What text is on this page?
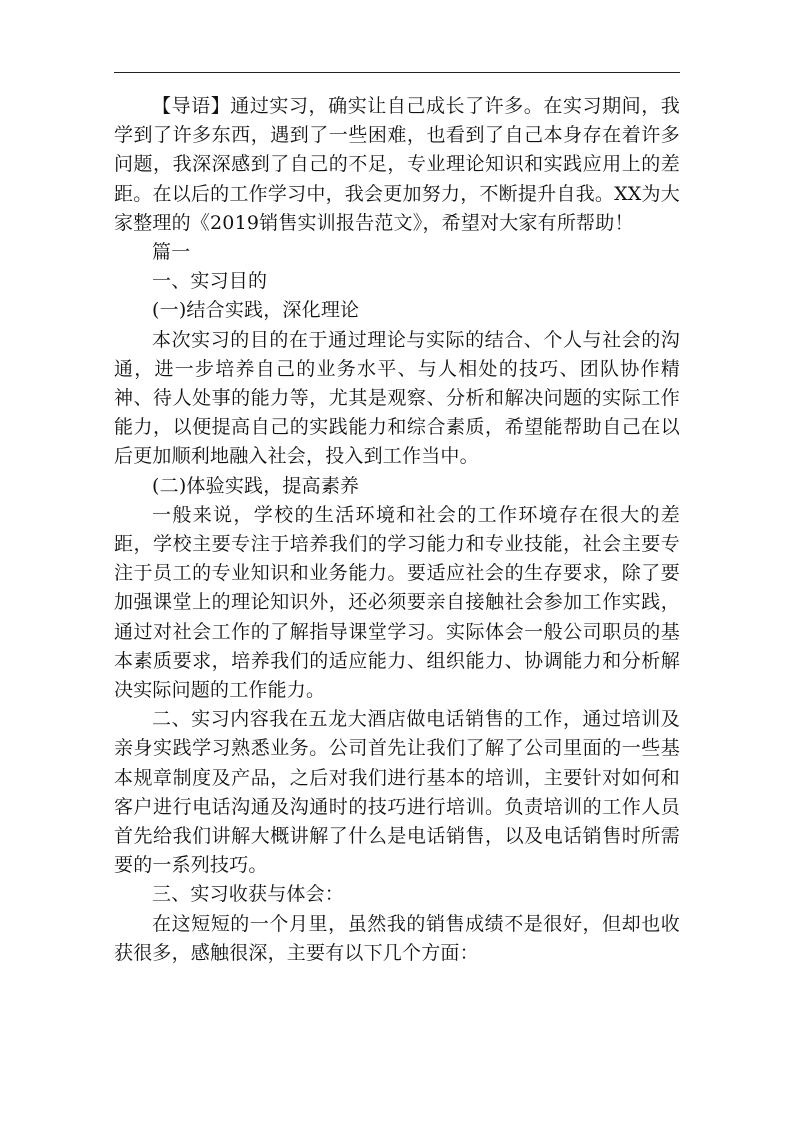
【导语】通过实习，确实让自己成长了许多。在实习期间，我学到了许多东西，遇到了一些困难，也看到了自己本身存在着许多问题，我深深感到了自己的不足，专业理论知识和实践应用上的差距。在以后的工作学习中，我会更加努力，不断提升自我。XX为大家整理的《2019销售实训报告范文》，希望对大家有所帮助！

篇一

一、实习目的

(一)结合实践，深化理论

本次实习的目的在于通过理论与实际的结合、个人与社会的沟通，进一步培养自己的业务水平、与人相处的技巧、团队协作精神、待人处事的能力等，尤其是观察、分析和解决问题的实际工作能力，以便提高自己的实践能力和综合素质，希望能帮助自己在以后更加顺利地融入社会，投入到工作当中。

(二)体验实践，提高素养

一般来说，学校的生活环境和社会的工作环境存在很大的差距，学校主要专注于培养我们的学习能力和专业技能，社会主要专注于员工的专业知识和业务能力。要适应社会的生存要求，除了要加强课堂上的理论知识外，还必须要亲自接触社会参加工作实践，通过对社会工作的了解指导课堂学习。实际体会一般公司职员的基本素质要求，培养我们的适应能力、组织能力、协调能力和分析解决实际问题的工作能力。

二、实习内容我在五龙大酒店做电话销售的工作，通过培训及亲身实践学习熟悉业务。公司首先让我们了解了公司里面的一些基本规章制度及产品，之后对我们进行基本的培训，主要针对如何和客户进行电话沟通及沟通时的技巧进行培训。负责培训的工作人员首先给我们讲解大概讲解了什么是电话销售，以及电话销售时所需要的一系列技巧。

三、实习收获与体会：

在这短短的一个月里，虽然我的销售成绩不是很好，但却也收获很多，感触很深，主要有以下几个方面：
